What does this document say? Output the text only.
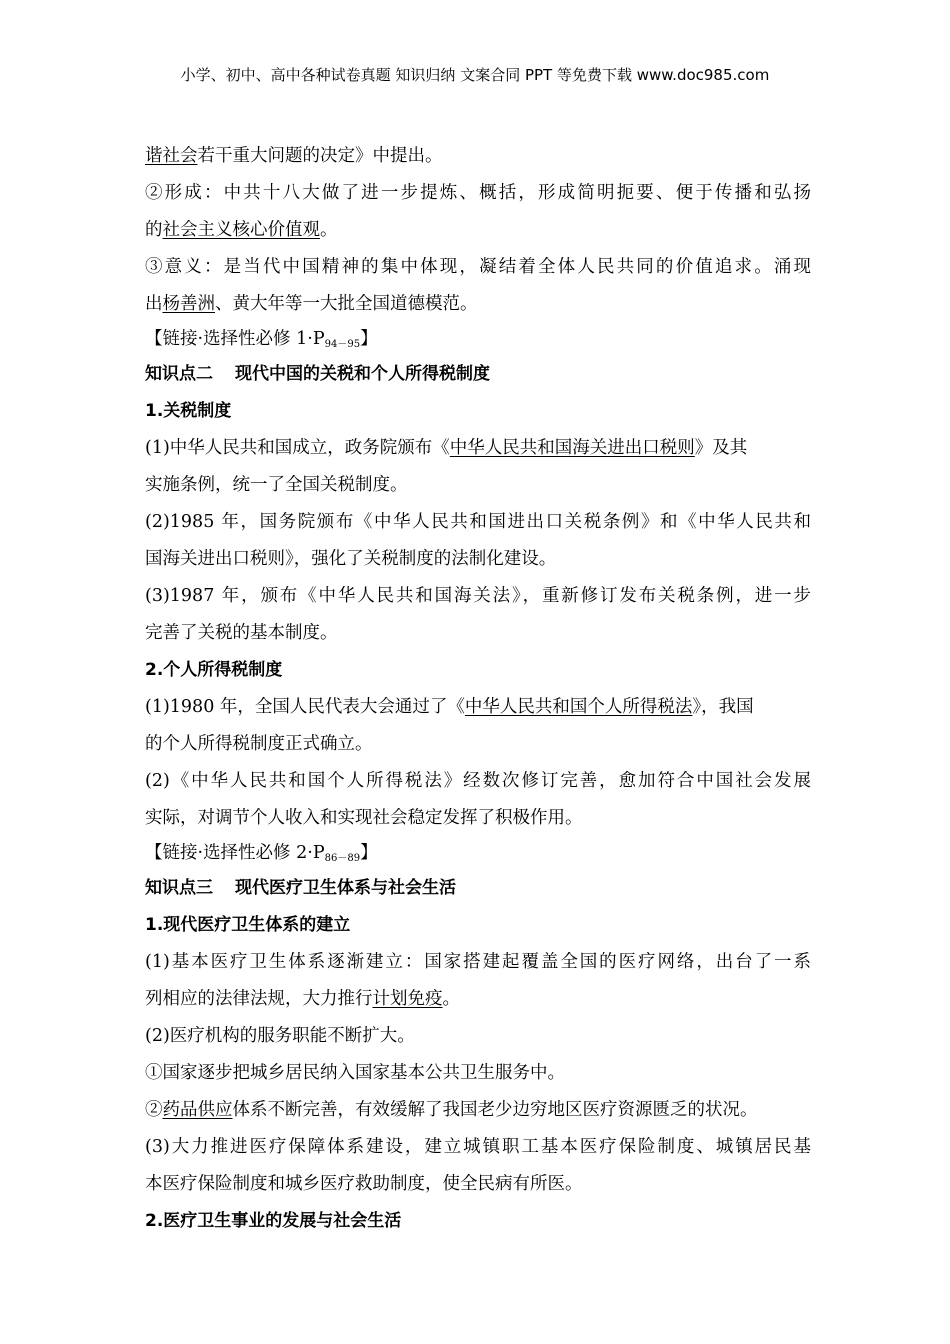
小学、初中、高中各种试卷真题 知识归纳 文案合同 PPT 等免费下载 www.doc985.com
谐社会若干重大问题的决定》中提出。
②形成：中共十八大做了进一步提炼、概括，形成简明扼要、便于传播和弘扬
的社会主义核心价值观。
③意义：是当代中国精神的集中体现，凝结着全体人民共同的价值追求。涌现
出杨善洲、黄大年等一大批全国道德模范。
【链接·选择性必修 $1\cdot P_{94-95}$】
知识点二 现代中国的关税和个人所得税制度
1.关税制度
(1)中华人民共和国成立，政务院颁布《中华人民共和国海关进出口税则》及其
实施条例，统一了全国关税制度。
(2)1985 年，国务院颁布《中华人民共和国进出口关税条例》和《中华人民共和
国海关进出口税则》，强化了关税制度的法制化建设。
(3)1987 年，颁布《中华人民共和国海关法》，重新修订发布关税条例，进一步
完善了关税的基本制度。
2.个人所得税制度
(1)1980 年，全国人民代表大会通过了《中华人民共和国个人所得税法》，我国
的个人所得税制度正式确立。
(2)《中华人民共和国个人所得税法》经数次修订完善，愈加符合中国社会发展
实际，对调节个人收入和实现社会稳定发挥了积极作用。
【链接·选择性必修 $2\cdot P_{86-89}$】
知识点三 现代医疗卫生体系与社会生活
1.现代医疗卫生体系的建立
(1)基本医疗卫生体系逐渐建立：国家搭建起覆盖全国的医疗网络，出台了一系
列相应的法律法规，大力推行计划免疫。
(2)医疗机构的服务职能不断扩大。
①国家逐步把城乡居民纳入国家基本公共卫生服务中。
②药品供应体系不断完善，有效缓解了我国老少边穷地区医疗资源匮乏的状况。
(3)大力推进医疗保障体系建设，建立城镇职工基本医疗保险制度、城镇居民基
本医疗保险制度和城乡医疗救助制度，使全民病有所医。
2.医疗卫生事业的发展与社会生活
